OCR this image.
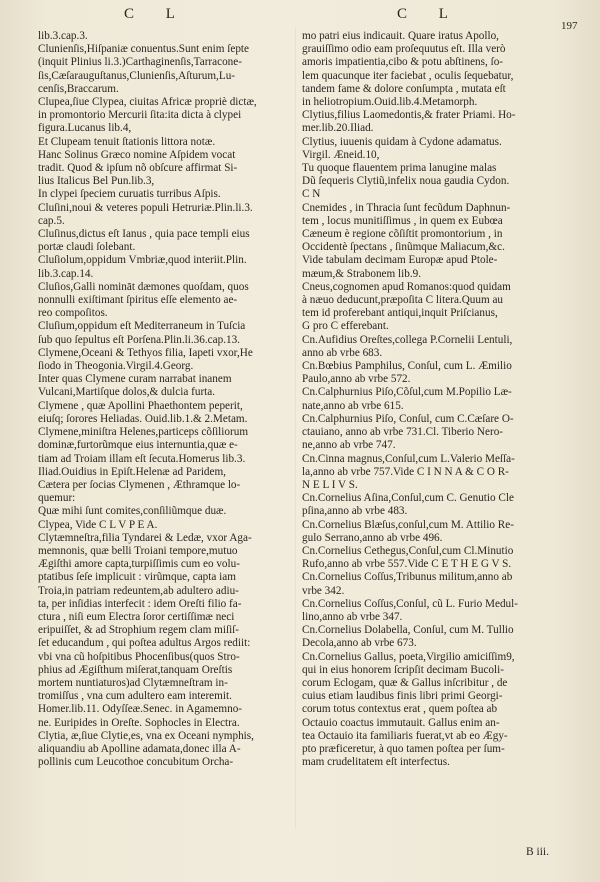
C L	C L
197
lib.3.cap.3.
Clunienſis,Hiſpaniæ conuentus.Sunt enim ſepte
(inquit Plinius li.3.)Carthaginenſis,Tarracone-
ſis,Cæſarauguſtanus,Clunienſis,Aſturum,Lu-
cenſis,Braccarum.
Clupea,ſiue Clypea, ciuitas Africæ propriè dictæ,
in promontorio Mercurii ſita:ita dicta à clypei
figura.Lucanus lib.4,
Et Clupeam tenuit ſtationis littora notæ.
Hanc Solinus Græco nomine Aſpidem vocat
tradit. Quod & ipſum nõ obſcure affirmat Si-
lius Italicus Bel Pun.lib.3,
In clypei ſpeciem curuatis turribus Aſpis.
Cluſini,noui & veteres populi Hetruriæ.Plin.li.3.
cap.5.
Cluſinus,dictus eſt Ianus , quia pace templi eius
portæ claudi ſolebant.
Cluſiolum,oppidum Vmbriæ,quod interiit.Plin.
lib.3.cap.14.
Cluſios,Galli nomināt dæmones quoſdam, quos
nonnulli exiſtimant ſpiritus eſſe elemento ae-
reo compoſitos.
Cluſium,oppidum eſt Mediterraneum in Tuſcia
ſub quo ſepultus eſt Porſena.Plin.li.36.cap.13.
Clymene,Oceani & Tethyos filia, Iapeti vxor,He
ſiodo in Theogonia.Virgil.4.Georg.
Inter quas Clymene curam narrabat inanem
Vulcani,Martiſque dolos,& dulcia furta.
Clymene , quæ Apollini Phaethontem peperit,
eiuſq; ſorores Heliadas. Ouid.lib.1.& 2.Metam.
Clymene,miniſtra Helenes,particeps cõſiliorum
dominæ,furtorũmque eius internuntia,quæ e-
tiam ad Troiam illam eſt ſecuta.Homerus lib.3.
Iliad.Ouidius in Epiſt.Helenæ ad Paridem,
Cætera per ſocias Clymenen , Æthramque lo-
quemur:
Quæ mihi ſunt comites,conſiliũmque duæ.
Clypea, Vide C L V P E A.
Clytæmneſtra,filia Tyndarei & Ledæ, vxor Aga-
memnonis, quæ belli Troiani tempore,mutuo
Ægiſthi amore capta,turpiſſimis cum eo volu-
ptatibus ſeſe implicuit : virũmque, capta iam
Troia,in patriam redeuntem,ab adultero adiu-
ta, per inſidias interfecit : idem Oreſti filio fa-
ctura , niſi eum Electra ſoror certiſſimæ neci
eripuiſſet, & ad Strophium regem clam miſiſ-
ſet educandum , qui poſtea adultus Argos rediit:
vbi vna cũ hoſpitibus Phocenſibus(quos Stro-
phius ad Ægiſthum miſerat,tanquam Oreſtis
mortem nuntiaturos)ad Clytæmneſtram in-
tromiſſus , vna cum adultero eam interemit.
Homer.lib.11. Odyſſeæ.Senec. in Agamemno-
ne. Euripides in Oreſte. Sophocles in Electra.
Clytia, æ,ſiue Clytie,es, vna ex Oceani nymphis,
aliquandiu ab Apolline adamata,donec illa A-
pollinis cum Leucothoe concubitum Orcha-
mo patri eius indicauit. Quare iratus Apollo,
grauiſſimo odio eam proſequutus eſt. Illa verò
amoris impatientia,cibo & potu abſtinens, ſo-
lem quacunque iter faciebat , oculis ſequebatur,
tandem fame & dolore conſumpta , mutata eſt
in heliotropium.Ouid.lib.4.Metamorph.
Clytius,filius Laomedontis,& frater Priami. Ho-
mer.lib.20.Iliad.
Clytius, iuuenis quidam à Cydone adamatus.
Virgil. Æneid.10,
Tu quoque flauentem prima lanugine malas
Dũ ſequeris Clytiũ,infelix noua gaudia Cydon.
C N
Cnemides , in Thracia ſunt fecũdum Daphnun-
tem , locus munitiſſimus , in quem ex Eubœa
Cæneum è regione cõſiſtit promontorium , in
Occidentè ſpectans , ſinũmque Maliacum,&c.
Vide tabulam decimam Europæ apud Ptole-
mæum,& Strabonem lib.9.
Cneus,cognomen apud Romanos:quod quidam
à næuo deducunt,præpoſita C litera.Quum au
tem id proferebant antiqui,inquit Priſcianus,
G pro C efferebant.
Cn.Aufidius Oreſtes,collega P.Cornelii Lentuli,
anno ab vrbe 683.
Cn.Bœbius Pamphilus, Conſul, cum L. Æmilio
Paulo,anno ab vrbe 572.
Cn.Calphurnius Piſo,Cõſul,cum M.Popilio Læ-
nate,anno ab vrbe 615.
Cn.Calphurnius Piſo, Conſul, cum C.Cæſare O-
ctauiano, anno ab vrbe 731.Cl. Tiberio Nero-
ne,anno ab vrbe 747.
Cn.Cinna magnus,Conſul,cum L.Valerio Meſſa-
la,anno ab vrbe 757.Vide C I N N A & C O R-
N E L I V S.
Cn.Cornelius Aſina,Conſul,cum C. Genutio Cle
pſina,anno ab vrbe 483.
Cn.Cornelius Blæſus,conſul,cum M. Attilio Re-
gulo Serrano,anno ab vrbe 496.
Cn.Cornelius Cethegus,Conſul,cum Cl.Minutio
Rufo,anno ab vrbe 557.Vide C E T H E G V S.
Cn.Cornelius Coſſus,Tribunus militum,anno ab
vrbe 342.
Cn.Cornelius Coſſus,Conſul, cũ L. Furio Medul-
lino,anno ab vrbe 347.
Cn.Cornelius Dolabella, Conſul, cum M. Tullio
Decola,anno ab vrbe 673.
Cn.Cornelius Gallus, poeta,Virgilio amiciſſim9,
qui in eius honorem ſcripſit decimam Bucoli-
corum Eclogam, quæ & Gallus inſcribitur , de
cuius etiam laudibus finis libri primi Georgi-
corum totus contextus erat , quem poſtea ab
Octauio coactus immutauit. Gallus enim an-
tea Octauio ita familiaris fuerat,vt ab eo Ægy-
pto præficeretur, à quo tamen poſtea per ſum-
mam crudelitatem eſt interfectus.
B iii.
